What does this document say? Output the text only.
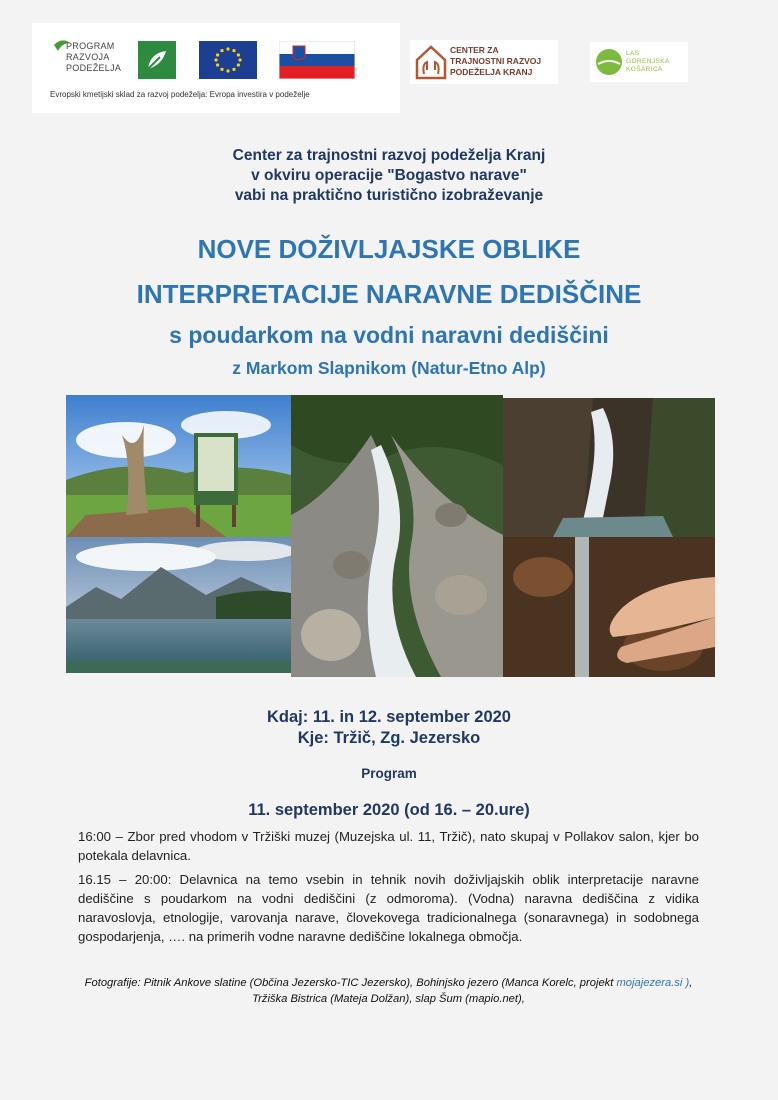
PROGRAM
RAZVOJA
PODEŽELJA
Evropski kmetijski sklad za razvoj podeželja: Evropa investira v podeželje
CENTER ZA
TRAJNOSTNI RAZVOJ
PODEŽELJA KRANJ
LAS
GORENJSKA
KOŠARICA
Center za trajnostni razvoj podeželja Kranj
v okviru operacije "Bogastvo narave"
vabi na praktično turistično izobraževanje
NOVE DOŽIVLJAJSKE OBLIKE
INTERPRETACIJE NARAVNE DEDIŠČINE
s poudarkom na vodni naravni dediščini
z Markom Slapnikom (Natur-Etno Alp)
Kdaj: 11. in 12. september 2020
Kje: Tržič, Zg. Jezersko
Program
11. september 2020 (od 16. – 20.ure)
16:00 – Zbor pred vhodom v Tržiški muzej (Muzejska ul. 11, Tržič), nato skupaj v Pollakov salon, kjer bo potekala delavnica.
16.15 – 20:00: Delavnica na temo vsebin in tehnik novih doživljajskih oblik interpretacije naravne dediščine s poudarkom na vodni dediščini (z odmoroma). (Vodna) naravna dediščina z vidika naravoslovja, etnologije, varovanja narave, človekovega tradicionalnega (sonaravnega) in sodobnega gospodarjenja, …. na primerih vodne naravne dediščine lokalnega območja.
Fotografije: Pitnik Ankove slatine (Občina Jezersko-TIC Jezersko), Bohinjsko jezero (Manca Korelc, projekt mojajezera.si ), Tržiška Bistrica (Mateja Dolžan), slap Šum (mapio.net),
